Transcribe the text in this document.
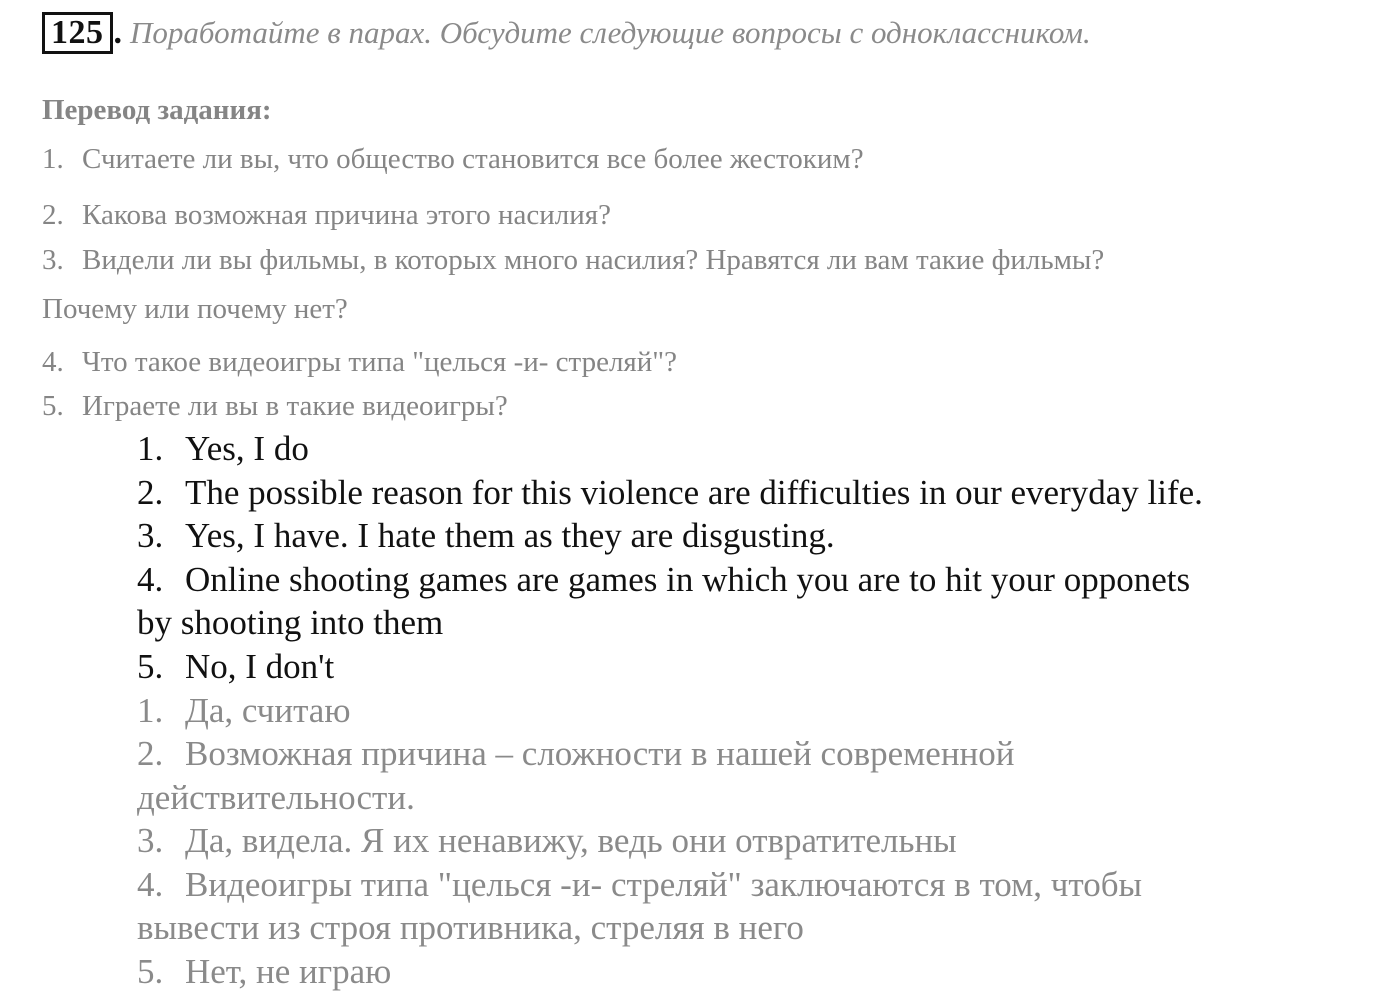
125 . Поработайте в парах. Обсудите следующие вопросы с одноклассником.
Перевод задания:
1. Считаете ли вы, что общество становится все более жестоким?
2. Какова возможная причина этого насилия?
3. Видели ли вы фильмы, в которых много насилия? Нравятся ли вам такие фильмы?
Почему или почему нет?
4. Что такое видеоигры типа "целься -и- стреляй"?
5. Играете ли вы в такие видеоигры?
1. Yes, I do
2. The possible reason for this violence are difficulties in our everyday life.
3. Yes, I have. I hate them as they are disgusting.
4. Online shooting games are games in which you are to hit your opponets
by shooting into them
5. No, I don't
1. Да, считаю
2. Возможная причина – сложности в нашей современной
действительности.
3. Да, видела. Я их ненавижу, ведь они отвратительны
4. Видеоигры типа "целься -и- стреляй" заключаются в том, чтобы
вывести из строя противника, стреляя в него
5. Нет, не играю
